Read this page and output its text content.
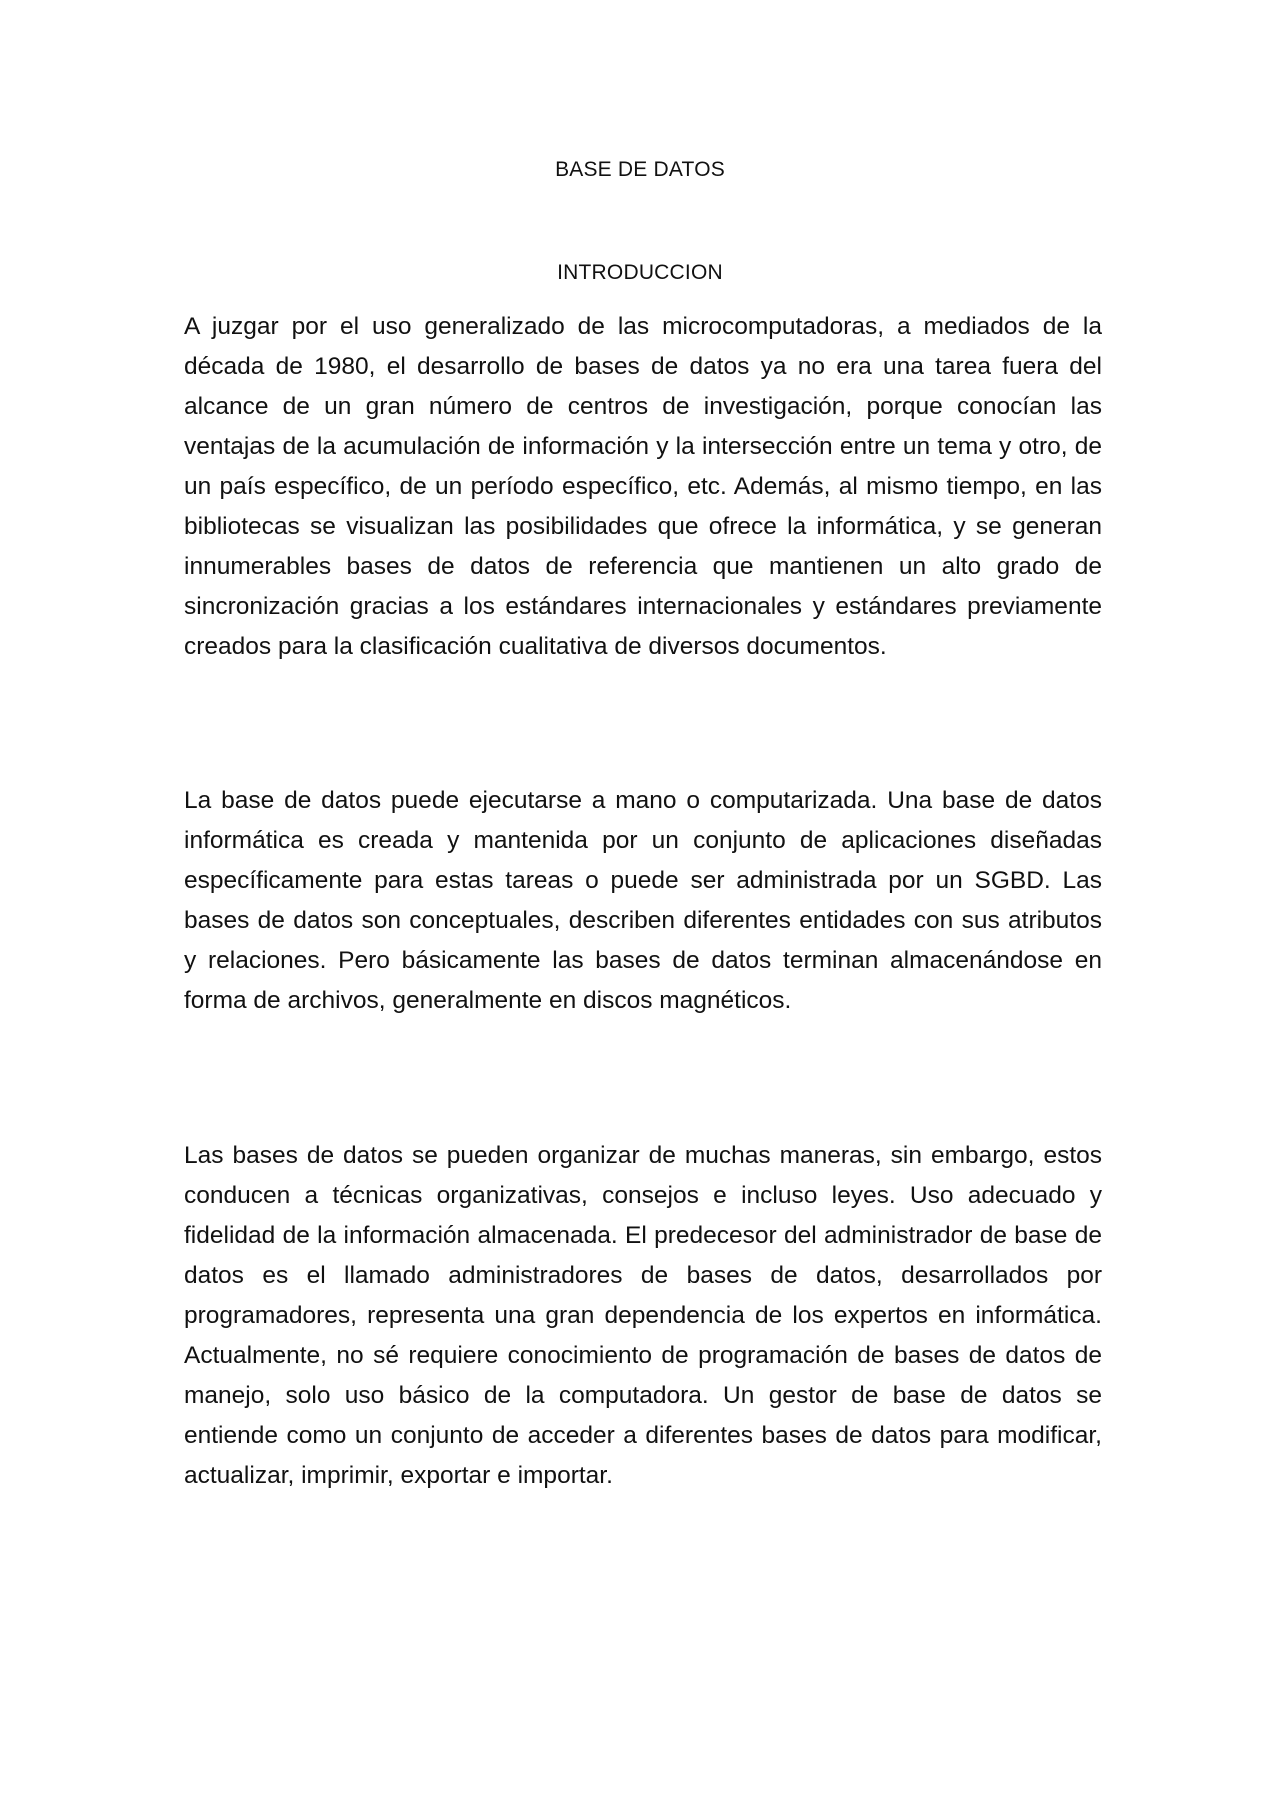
BASE DE DATOS
INTRODUCCION

A juzgar por el uso generalizado de las microcomputadoras, a mediados de la década de 1980, el desarrollo de bases de datos ya no era una tarea fuera del alcance de un gran número de centros de investigación, porque conocían las ventajas de la acumulación de información y la intersección entre un tema y otro, de un país específico, de un período específico, etc. Además, al mismo tiempo, en las bibliotecas se visualizan las posibilidades que ofrece la informática, y se generan innumerables bases de datos de referencia que mantienen un alto grado de sincronización gracias a los estándares internacionales y estándares previamente creados para la clasificación cualitativa de diversos documentos.

La base de datos puede ejecutarse a mano o computarizada. Una base de datos informática es creada y mantenida por un conjunto de aplicaciones diseñadas específicamente para estas tareas o puede ser administrada por un SGBD. Las bases de datos son conceptuales, describen diferentes entidades con sus atributos y relaciones. Pero básicamente las bases de datos terminan almacenándose en forma de archivos, generalmente en discos magnéticos.

Las bases de datos se pueden organizar de muchas maneras, sin embargo, estos conducen a técnicas organizativas, consejos e incluso leyes. Uso adecuado y fidelidad de la información almacenada. El predecesor del administrador de base de datos es el llamado administradores de bases de datos, desarrollados por programadores, representa una gran dependencia de los expertos en informática. Actualmente, no sé requiere conocimiento de programación de bases de datos de manejo, solo uso básico de la computadora. Un gestor de base de datos se entiende como un conjunto de acceder a diferentes bases de datos para modificar, actualizar, imprimir, exportar e importar.
